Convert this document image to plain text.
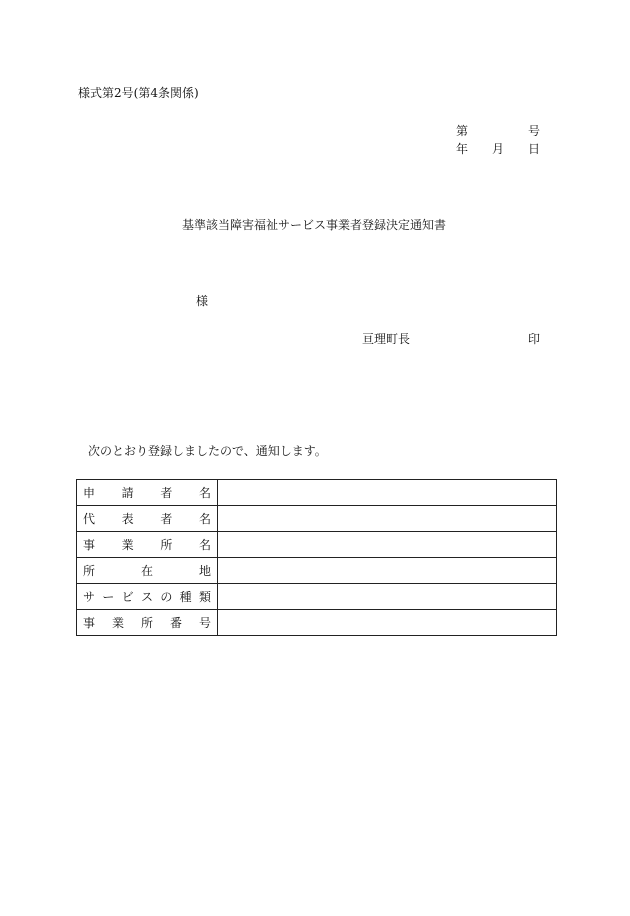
様式第2号(第4条関係)
第	号
年 月 日
基準該当障害福祉サービス事業者登録決定通知書
様
亘理町長	印
次のとおり登録しましたので、通知します。
申請者名	

代表者名	

事業所名	

所在地	

サービスの種類	

事業所番号	
